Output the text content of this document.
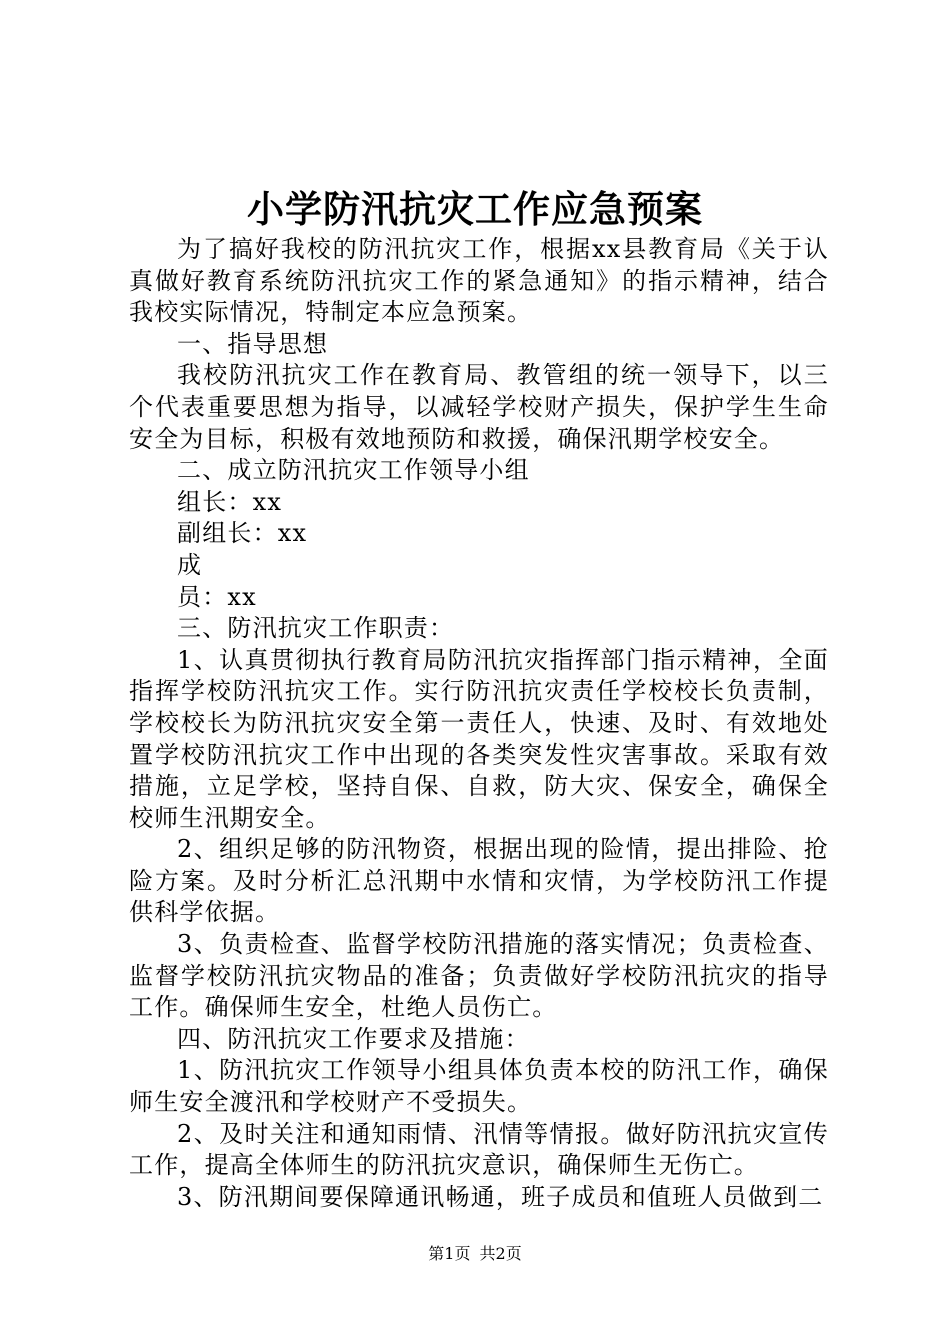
小学防汛抗灾工作应急预案

为了搞好我校的防汛抗灾工作，根据xx县教育局《关于认真做好教育系统防汛抗灾工作的紧急通知》的指示精神，结合我校实际情况，特制定本应急预案。

一、指导思想

我校防汛抗灾工作在教育局、教管组的统一领导下，以三个代表重要思想为指导，以减轻学校财产损失，保护学生生命安全为目标，积极有效地预防和救援，确保汛期学校安全。

二、成立防汛抗灾工作领导小组

组长：xx

副组长：xx

成

员：xx

三、防汛抗灾工作职责：

1、认真贯彻执行教育局防汛抗灾指挥部门指示精神，全面指挥学校防汛抗灾工作。实行防汛抗灾责任学校校长负责制，学校校长为防汛抗灾安全第一责任人，快速、及时、有效地处置学校防汛抗灾工作中出现的各类突发性灾害事故。采取有效措施，立足学校，坚持自保、自救，防大灾、保安全，确保全校师生汛期安全。

2、组织足够的防汛物资，根据出现的险情，提出排险、抢险方案。及时分析汇总汛期中水情和灾情，为学校防汛工作提供科学依据。

3、负责检查、监督学校防汛措施的落实情况；负责检查、监督学校防汛抗灾物品的准备；负责做好学校防汛抗灾的指导工作。确保师生安全，杜绝人员伤亡。

四、防汛抗灾工作要求及措施：

1、防汛抗灾工作领导小组具体负责本校的防汛工作，确保师生安全渡汛和学校财产不受损失。

2、及时关注和通知雨情、汛情等情报。做好防汛抗灾宣传工作，提高全体师生的防汛抗灾意识，确保师生无伤亡。

3、防汛期间要保障通讯畅通，班子成员和值班人员做到二

第1页 共2页
